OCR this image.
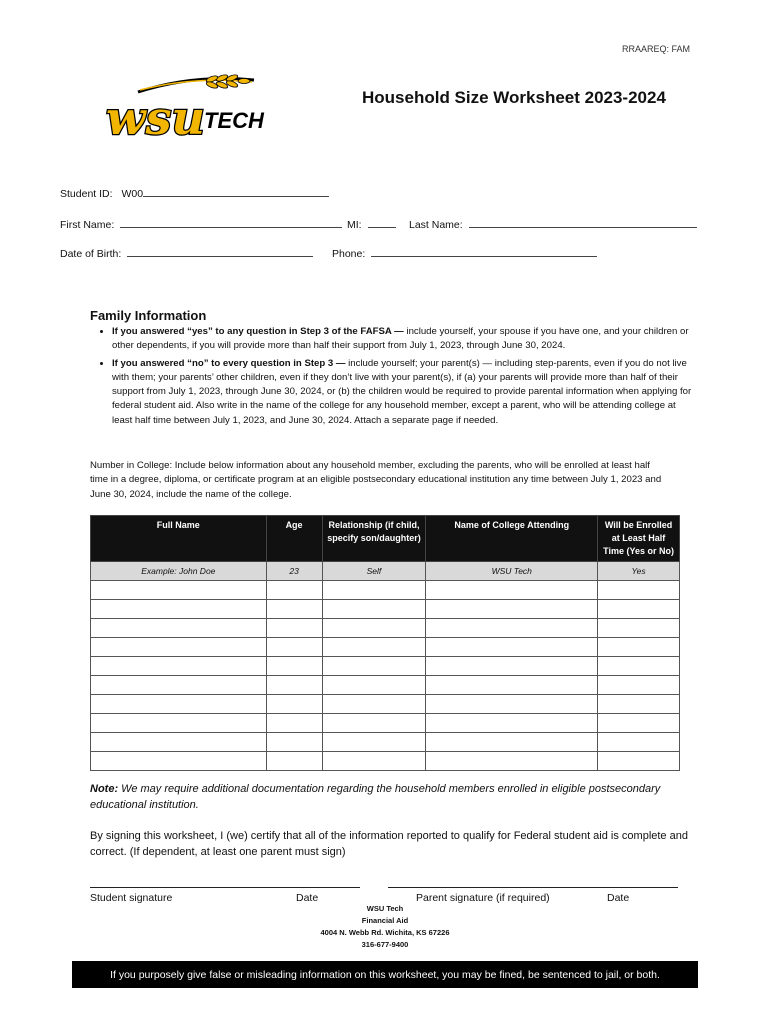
RRAAREQ: FAM
wsu TECH
Household Size Worksheet 2023-2024
Student ID: W00
First Name:	MI:	Last Name:
Date of Birth:	Phone:
Family Information
• If you answered “yes” to any question in Step 3 of the FAFSA — include yourself, your spouse if you have one, and your children or other dependents, if you will provide more than half their support from July 1, 2023, through June 30, 2024.
• If you answered “no” to every question in Step 3 — include yourself; your parent(s) — including step-parents, even if you do not live with them; your parents’ other children, even if they don’t live with your parent(s), if (a) your parents will provide more than half of their support from July 1, 2023, through June 30, 2024, or (b) the children would be required to provide parental information when applying for federal student aid. Also write in the name of the college for any household member, except a parent, who will be attending college at least half time between July 1, 2023, and June 30, 2024. Attach a separate page if needed.
Number in College: Include below information about any household member, excluding the parents, who will be enrolled at least half time in a degree, diploma, or certificate program at an eligible postsecondary educational institution any time between July 1, 2023 and June 30, 2024, include the name of the college.
Full Name	Age	Relationship (if child, specify son/daughter)	Name of College Attending	Will be Enrolled at Least Half Time (Yes or No)
Example: John Doe	23	Self	WSU Tech	Yes

Note: We may require additional documentation regarding the household members enrolled in eligible postsecondary educational institution.
By signing this worksheet, I (we) certify that all of the information reported to qualify for Federal student aid is complete and correct. (If dependent, at least one parent must sign)
Student signature	Date	Parent signature (if required)	Date
WSU Tech
Financial Aid
4004 N. Webb Rd. Wichita, KS 67226
316-677-9400
If you purposely give false or misleading information on this worksheet, you may be fined, be sentenced to jail, or both.
